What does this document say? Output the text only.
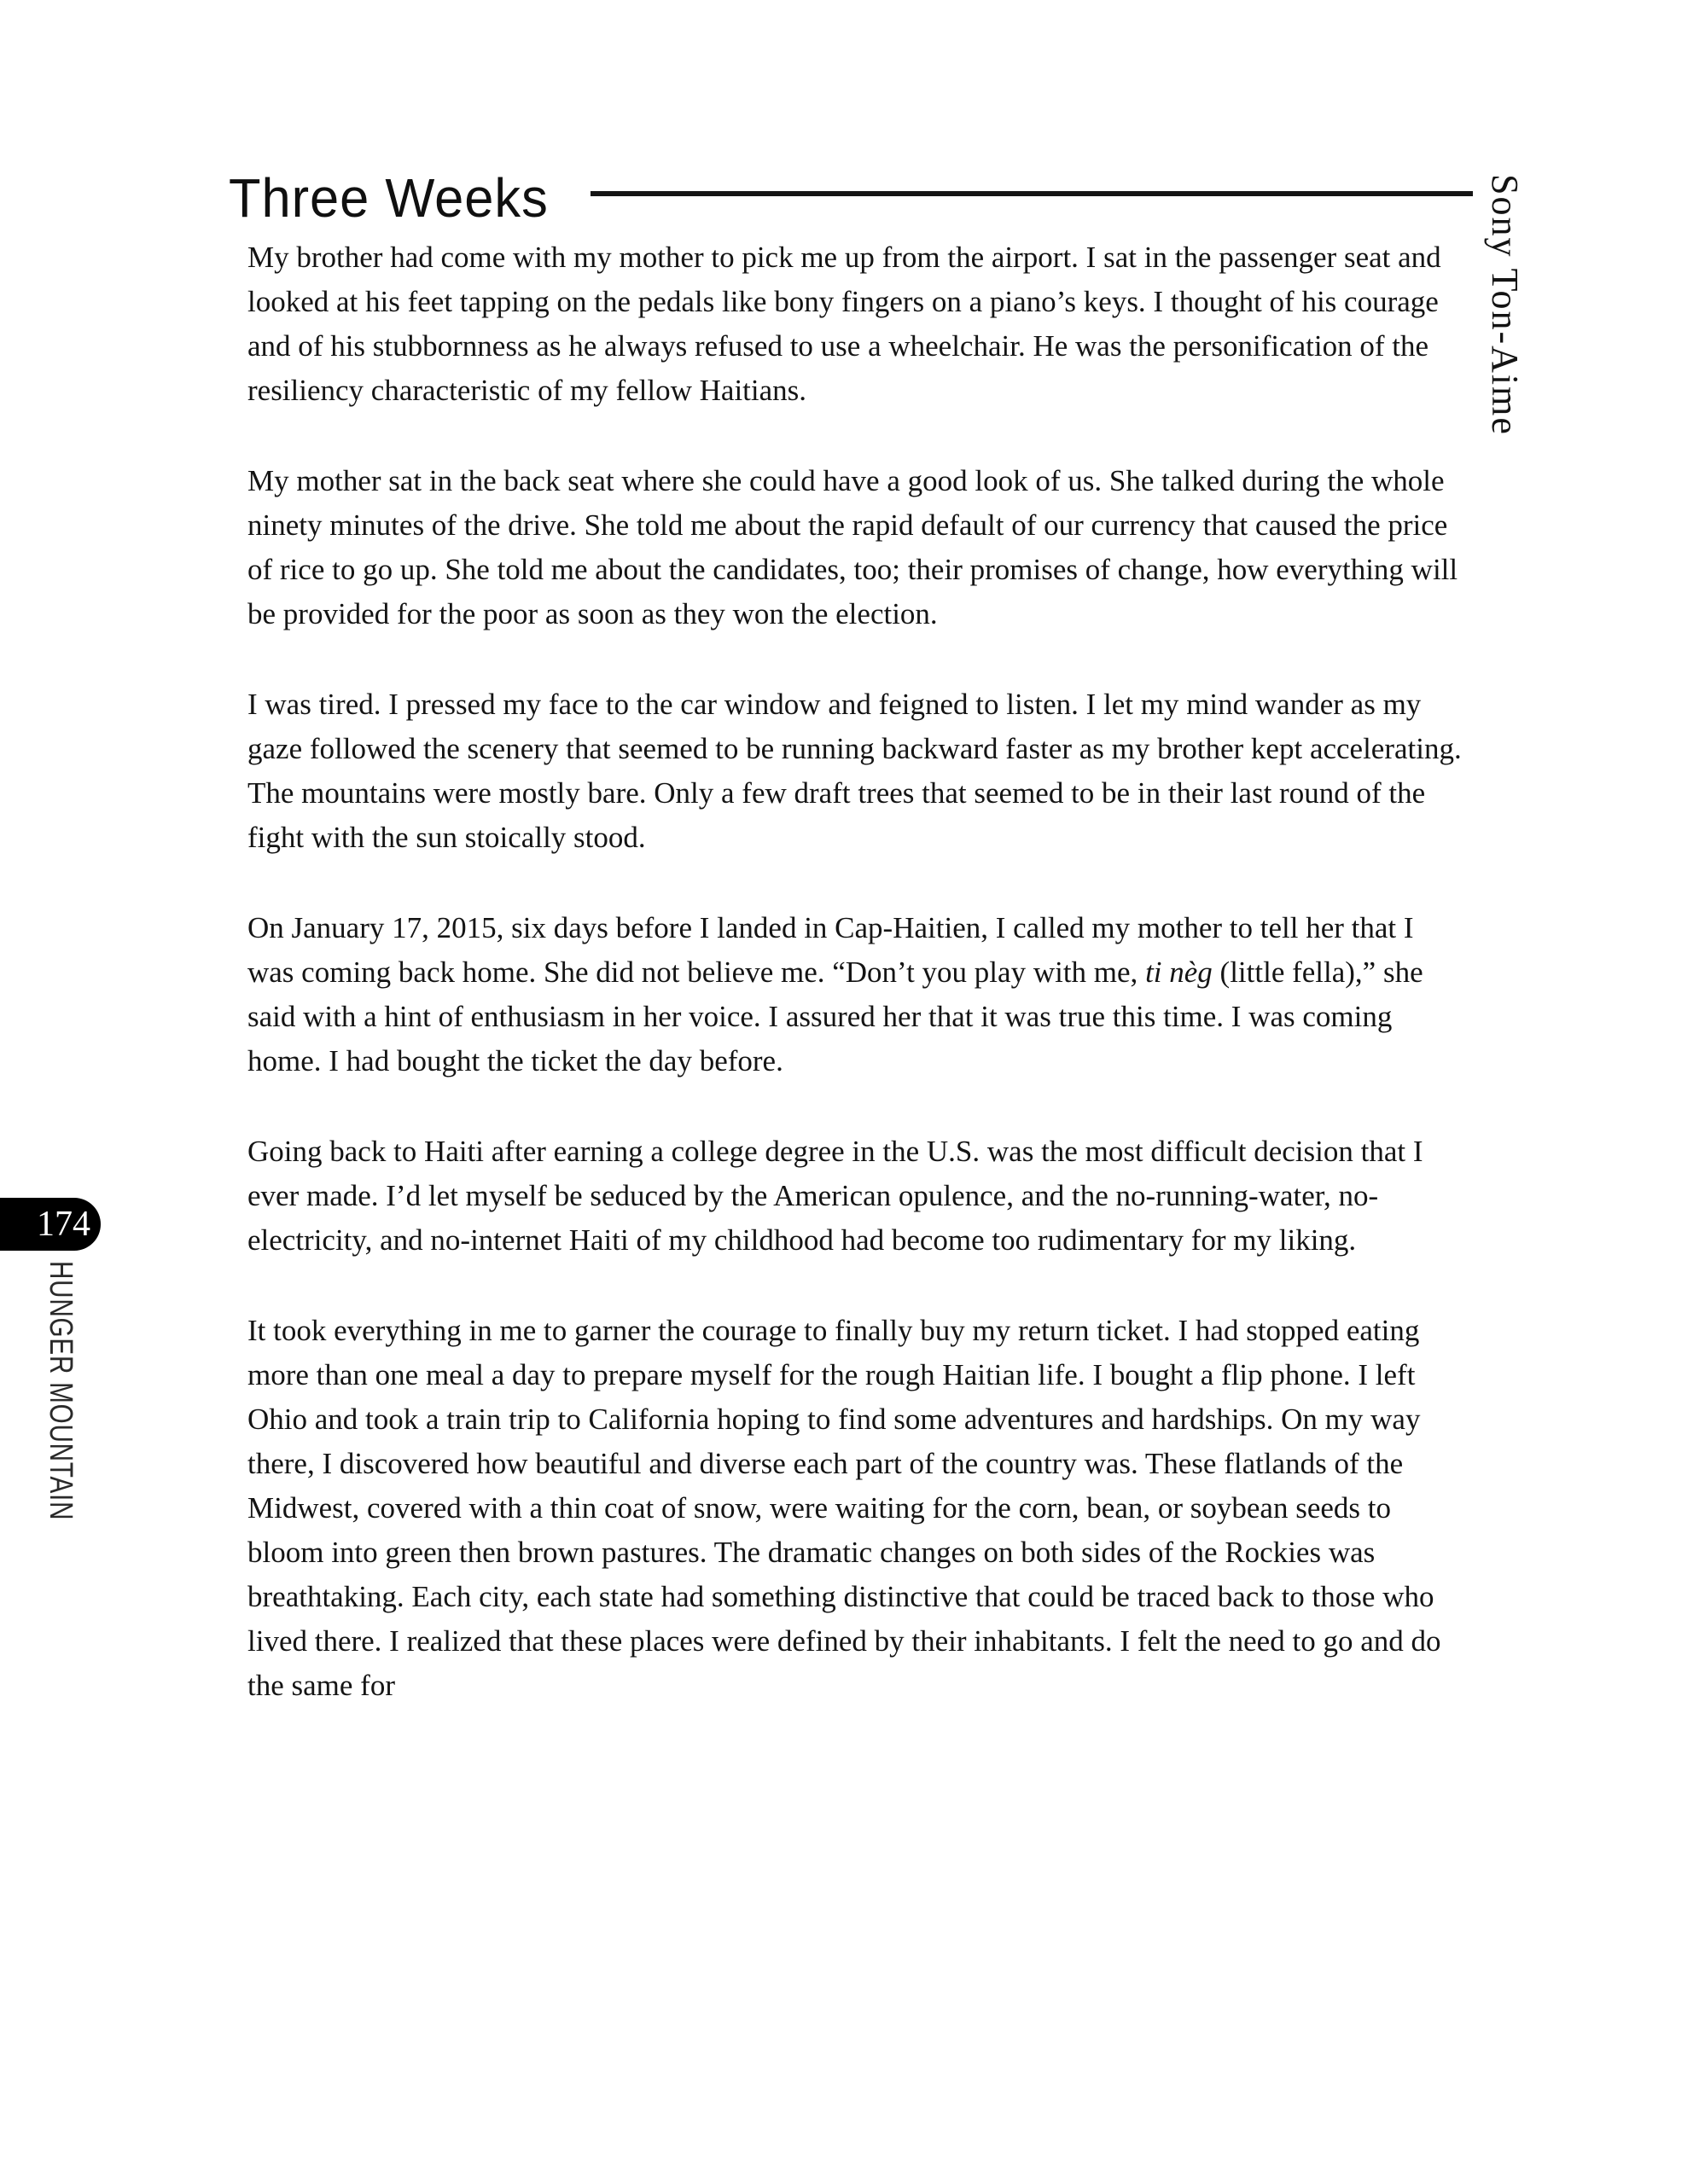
Three Weeks	Sony Ton-Aime
174
HUNGER MOUNTAIN

My brother had come with my mother to pick me up from the airport. I sat in the passenger seat and looked at his feet tapping on the pedals like bony fingers on a piano’s keys. I thought of his courage and of his stubbornness as he always refused to use a wheelchair. He was the personification of the resiliency characteristic of my fellow Haitians.

My mother sat in the back seat where she could have a good look of us. She talked during the whole ninety minutes of the drive. She told me about the rapid default of our currency that caused the price of rice to go up. She told me about the candidates, too; their promises of change, how everything will be provided for the poor as soon as they won the election.

I was tired. I pressed my face to the car window and feigned to listen. I let my mind wander as my gaze followed the scenery that seemed to be running backward faster as my brother kept accelerating. The mountains were mostly bare. Only a few draft trees that seemed to be in their last round of the fight with the sun stoically stood.

On January 17, 2015, six days before I landed in Cap-Haitien, I called my mother to tell her that I was coming back home. She did not believe me. “Don’t you play with me, ti nèg (little fella),” she said with a hint of enthusiasm in her voice. I assured her that it was true this time. I was coming home. I had bought the ticket the day before.

Going back to Haiti after earning a college degree in the U.S. was the most difficult decision that I ever made. I’d let myself be seduced by the American opulence, and the no-running-water, no-electricity, and no-internet Haiti of my childhood had become too rudimentary for my liking.

It took everything in me to garner the courage to finally buy my return ticket. I had stopped eating more than one meal a day to prepare myself for the rough Haitian life. I bought a flip phone. I left Ohio and took a train trip to California hoping to find some adventures and hardships. On my way there, I discovered how beautiful and diverse each part of the country was. These flatlands of the Midwest, covered with a thin coat of snow, were waiting for the corn, bean, or soybean seeds to bloom into green then brown pastures. The dramatic changes on both sides of the Rockies was breathtaking. Each city, each state had something distinctive that could be traced back to those who lived there. I realized that these places were defined by their inhabitants. I felt the need to go and do the same for
